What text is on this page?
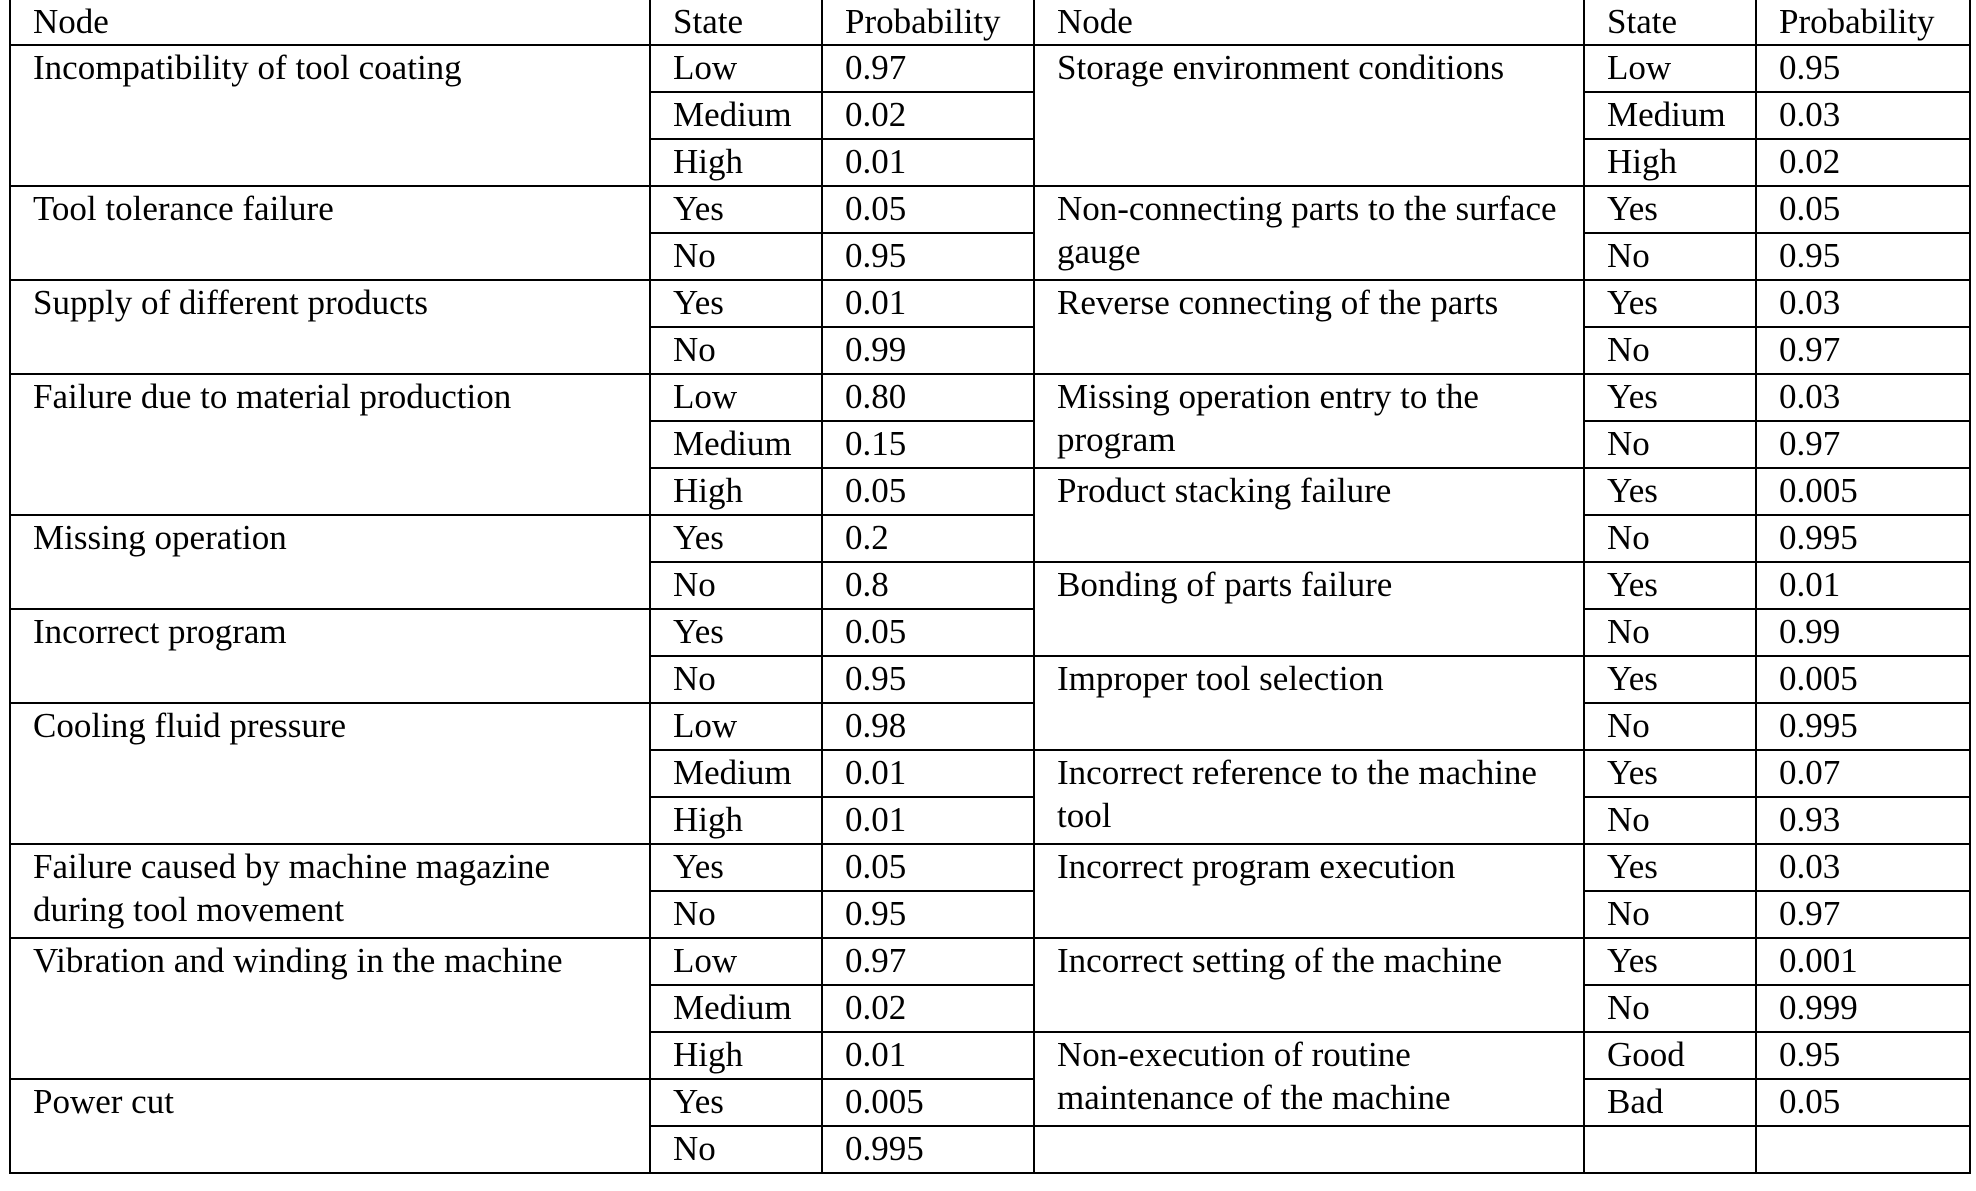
Node	State	Probability	Node	State	Probability
Incompatibility of tool coating	Low	0.97	Storage environment conditions	Low	0.95
	Medium	0.02		Medium	0.03
	High	0.01		High	0.02
Tool tolerance failure	Yes	0.05	Non-connecting parts to the surface gauge	Yes	0.05
	No	0.95		No	0.95
Supply of different products	Yes	0.01	Reverse connecting of the parts	Yes	0.03
	No	0.99		No	0.97
Failure due to material production	Low	0.80	Missing operation entry to the program	Yes	0.03
	Medium	0.15		No	0.97
	High	0.05	Product stacking failure	Yes	0.005
Missing operation	Yes	0.2		No	0.995
	No	0.8	Bonding of parts failure	Yes	0.01
Incorrect program	Yes	0.05		No	0.99
	No	0.95	Improper tool selection	Yes	0.005
Cooling fluid pressure	Low	0.98		No	0.995
	Medium	0.01	Incorrect reference to the machine tool	Yes	0.07
	High	0.01		No	0.93
Failure caused by machine magazine during tool movement	Yes	0.05	Incorrect program execution	Yes	0.03
	No	0.95		No	0.97
Vibration and winding in the machine	Low	0.97	Incorrect setting of the machine	Yes	0.001
	Medium	0.02		No	0.999
	High	0.01	Non-execution of routine maintenance of the machine	Good	0.95
Power cut	Yes	0.005		Bad	0.05
	No	0.995			
